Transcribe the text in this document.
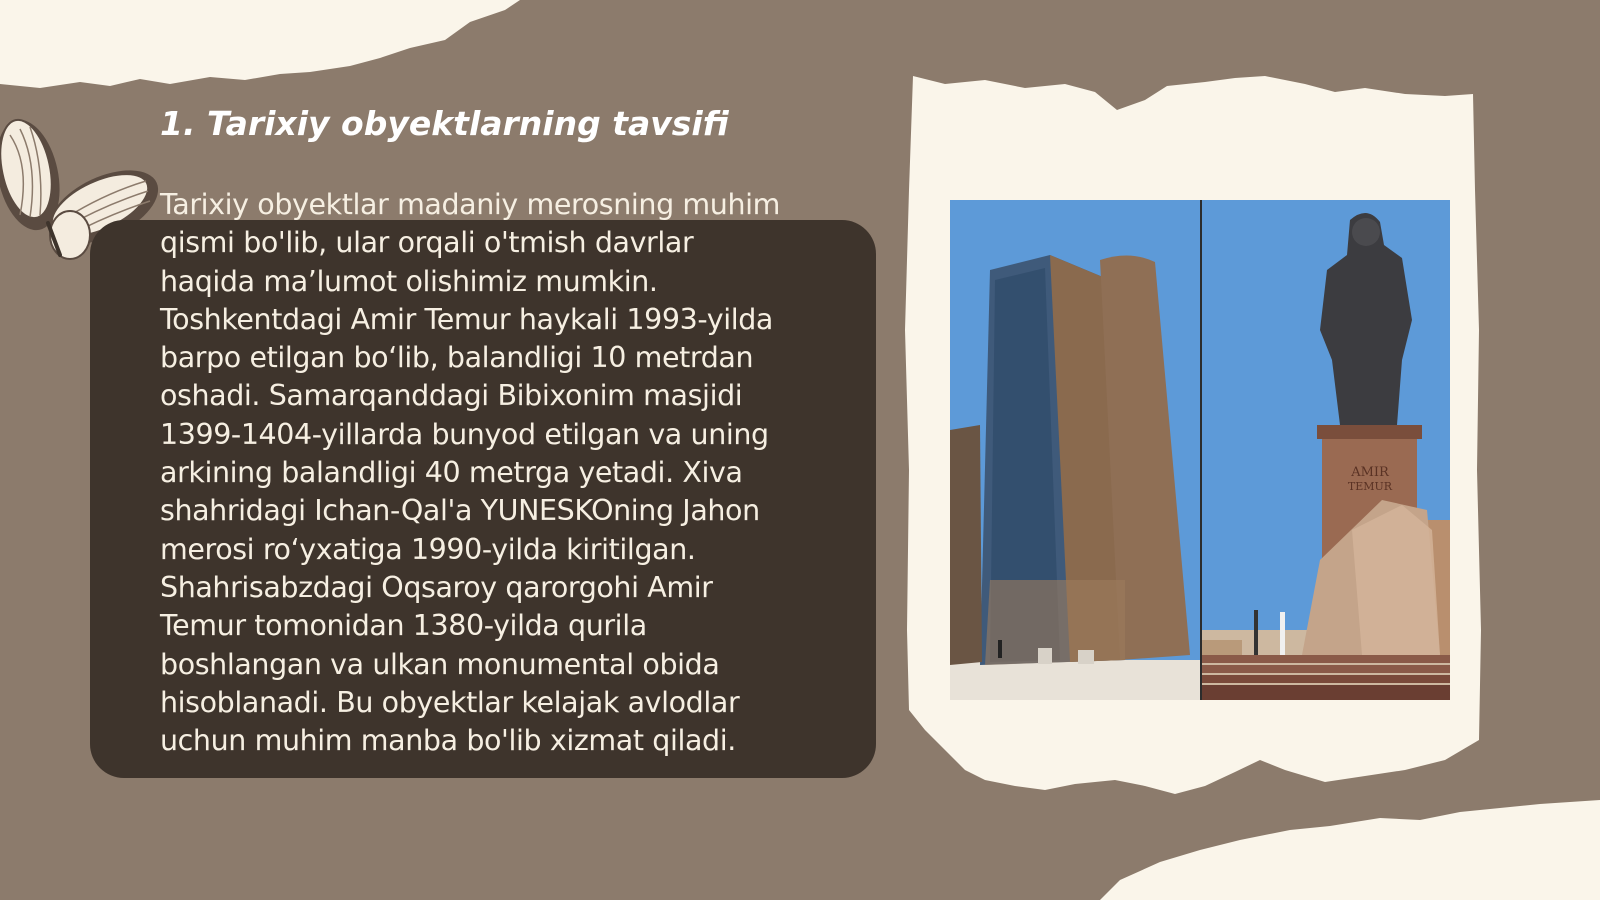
1. Tarixiy obyektlarning tavsifi
Tarixiy obyektlar madaniy merosning muhim
qismi bo'lib, ular orqali o'tmish davrlar
haqida ma’lumot olishimiz mumkin.
Toshkentdagi Amir Temur haykali 1993-yilda
barpo etilgan bo‘lib, balandligi 10 metrdan
oshadi. Samarqanddagi Bibixonim masjidi
1399-1404-yillarda bunyod etilgan va uning
arkining balandligi 40 metrga yetadi. Xiva
shahridagi Ichan-Qal'a YUNESKOning Jahon
merosi ro‘yxatiga 1990-yilda kiritilgan.
Shahrisabzdagi Oqsaroy qarorgohi Amir
Temur tomonidan 1380-yilda qurila
boshlangan va ulkan monumental obida
hisoblanadi. Bu obyektlar kelajak avlodlar
uchun muhim manba bo'lib xizmat qiladi.
AMIR
TEMUR
